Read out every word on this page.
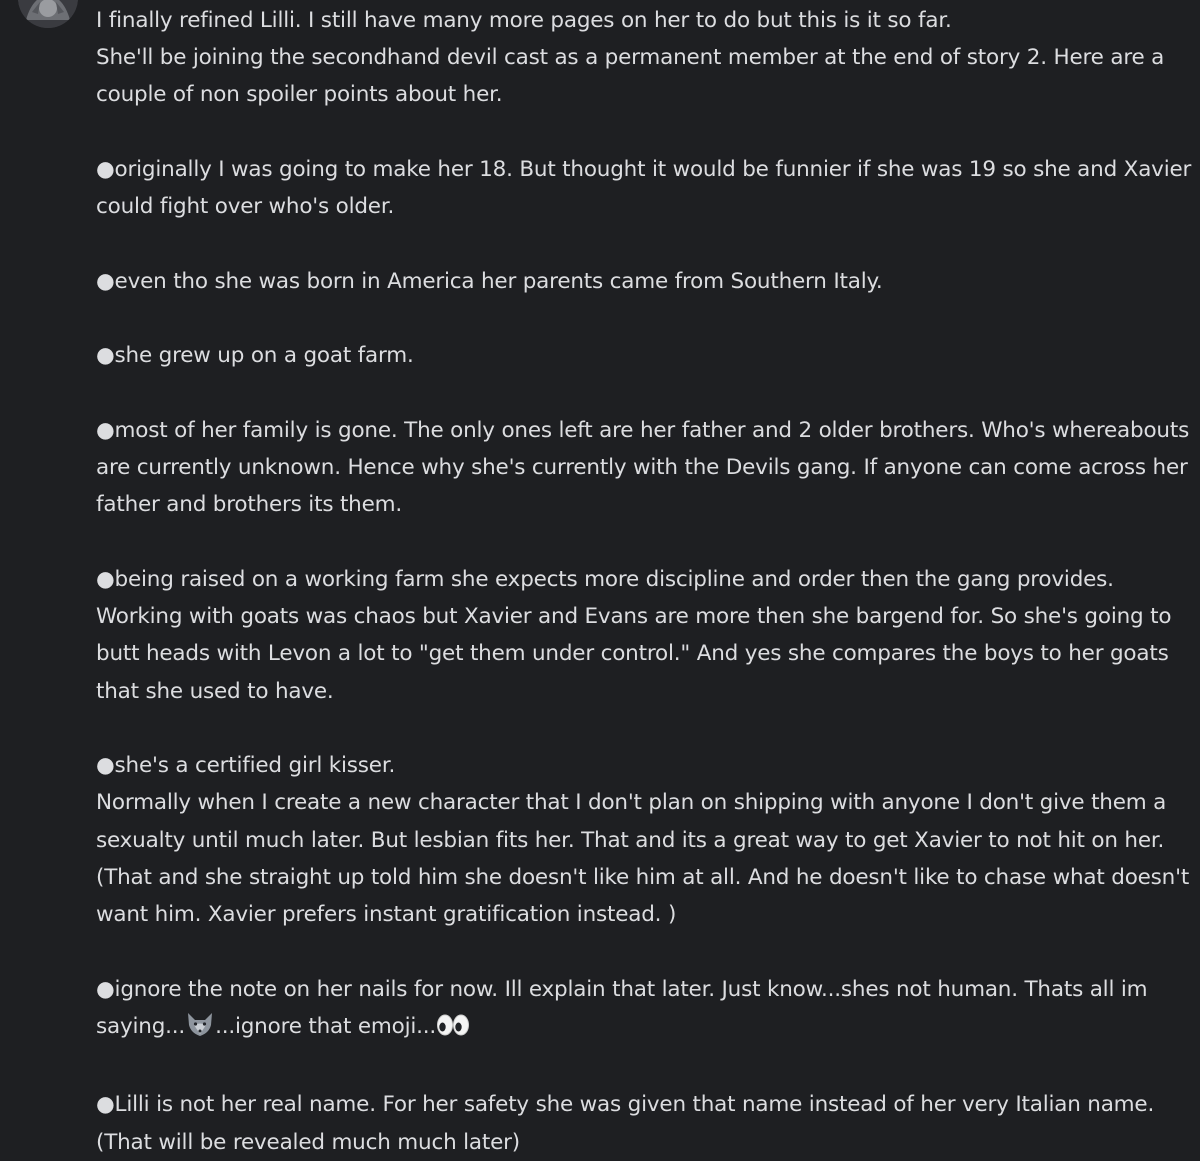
I finally refined Lilli. I still have many more pages on her to do but this is it so far.

She'll be joining the secondhand devil cast as a permanent member at the end of story 2. Here are a couple of non spoiler points about her.

●originally I was going to make her 18. But thought it would be funnier if she was 19 so she and Xavier could fight over who's older.

●even tho she was born in America her parents came from Southern Italy.

●she grew up on a goat farm.

●most of her family is gone. The only ones left are her father and 2 older brothers. Who's whereabouts are currently unknown. Hence why she's currently with the Devils gang. If anyone can come across her father and brothers its them.

●being raised on a working farm she expects more discipline and order then the gang provides. Working with goats was chaos but Xavier and Evans are more then she bargend for. So she's going to butt heads with Levon a lot to "get them under control." And yes she compares the boys to her goats that she used to have.

●she's a certified girl kisser.

Normally when I create a new character that I don't plan on shipping with anyone I don't give them a sexualty until much later. But lesbian fits her. That and its a great way to get Xavier to not hit on her. (That and she straight up told him she doesn't like him at all. And he doesn't like to chase what doesn't want him. Xavier prefers instant gratification instead. )

●ignore the note on her nails for now. Ill explain that later. Just know...shes not human. Thats all im saying... ...ignore that emoji...

●Lilli is not her real name. For her safety she was given that name instead of her very Italian name. (That will be revealed much much later)
